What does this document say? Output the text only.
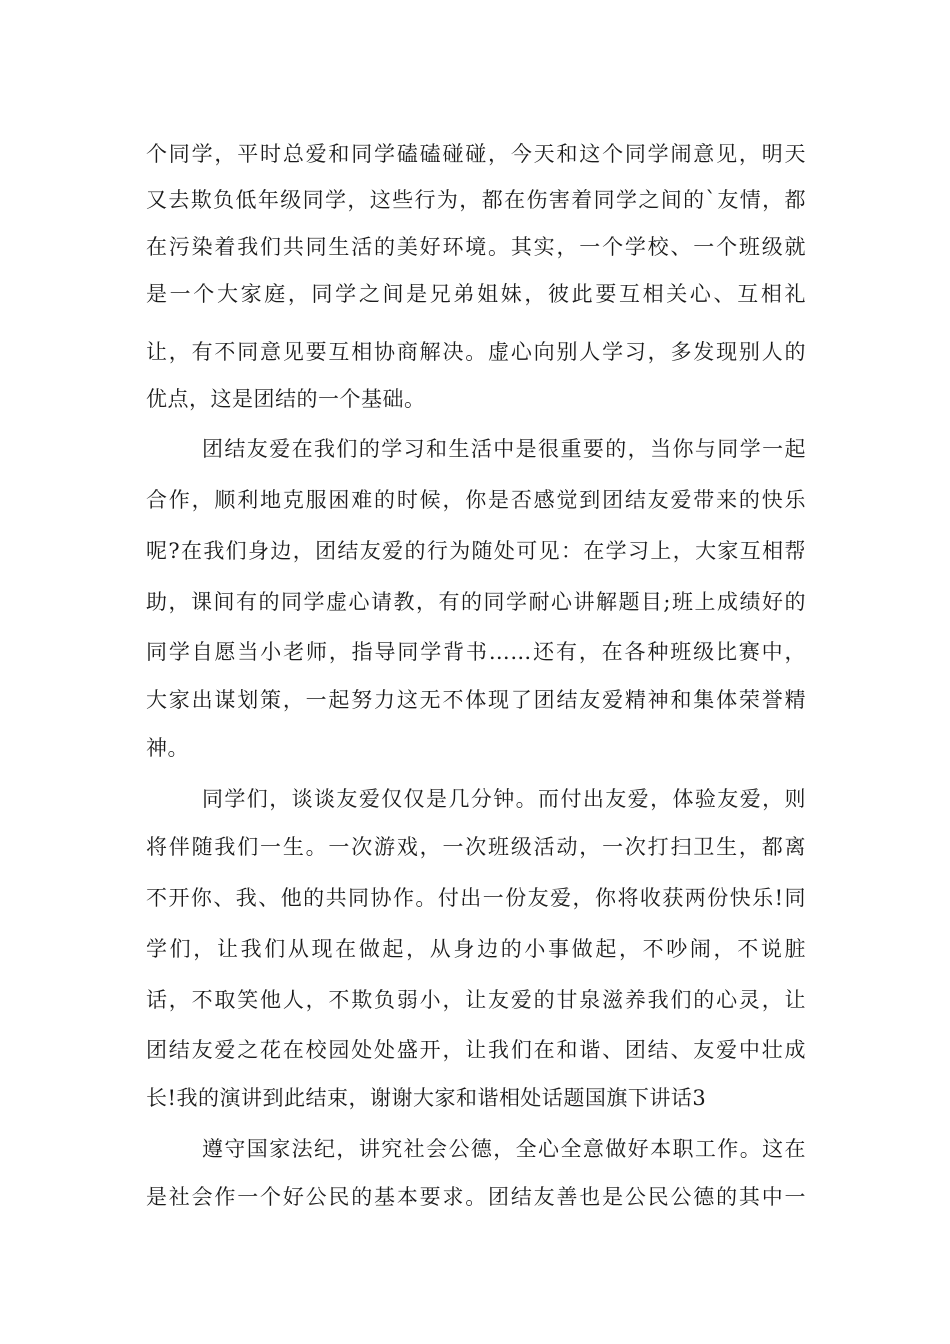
个同学，平时总爱和同学磕磕碰碰，今天和这个同学闹意见，明天
又去欺负低年级同学，这些行为，都在伤害着同学之间的`友情，都
在污染着我们共同生活的美好环境。其实，一个学校、一个班级就
是一个大家庭，同学之间是兄弟姐妹，彼此要互相关心、互相礼
让，有不同意见要互相协商解决。虚心向别人学习，多发现别人的
优点，这是团结的一个基础。
团结友爱在我们的学习和生活中是很重要的，当你与同学一起
合作，顺利地克服困难的时候，你是否感觉到团结友爱带来的快乐
呢?在我们身边，团结友爱的行为随处可见：在学习上，大家互相帮
助，课间有的同学虚心请教，有的同学耐心讲解题目;班上成绩好的
同学自愿当小老师，指导同学背书……还有，在各种班级比赛中，
大家出谋划策，一起努力这无不体现了团结友爱精神和集体荣誉精
神。
同学们，谈谈友爱仅仅是几分钟。而付出友爱，体验友爱，则
将伴随我们一生。一次游戏，一次班级活动，一次打扫卫生，都离
不开你、我、他的共同协作。付出一份友爱，你将收获两份快乐!同
学们，让我们从现在做起，从身边的小事做起，不吵闹，不说脏
话，不取笑他人，不欺负弱小，让友爱的甘泉滋养我们的心灵，让
团结友爱之花在校园处处盛开，让我们在和谐、团结、友爱中壮成
长!我的演讲到此结束，谢谢大家和谐相处话题国旗下讲话3
遵守国家法纪，讲究社会公德，全心全意做好本职工作。这在
是社会作一个好公民的基本要求。团结友善也是公民公德的其中一
